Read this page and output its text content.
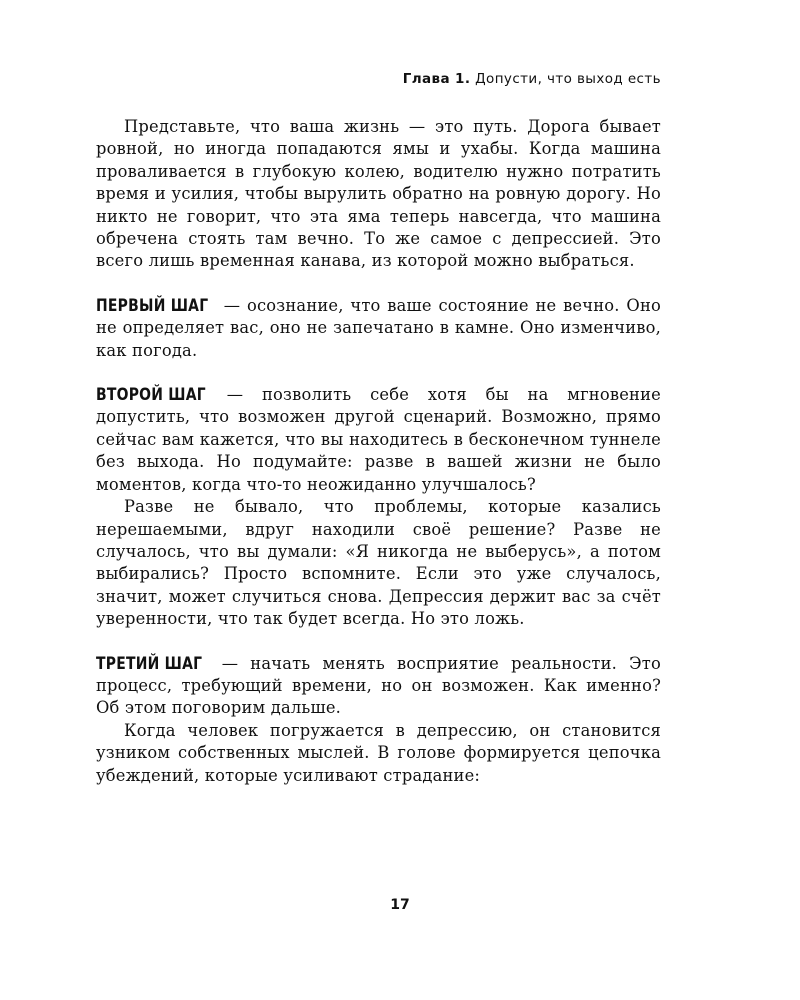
Глава 1. Допусти, что выход есть

Представьте, что ваша жизнь — это путь. Дорога бывает ровной, но иногда попадаются ямы и ухабы. Когда машина проваливается в глубокую колею, водителю нужно потратить время и усилия, чтобы вырулить обратно на ровную дорогу. Но никто не говорит, что эта яма теперь навсегда, что машина обречена стоять там вечно. То же самое с депрессией. Это всего лишь временная канава, из которой можно выбраться.

ПЕРВЫЙ ШАГ — осознание, что ваше состояние не вечно. Оно не определяет вас, оно не запечатано в камне. Оно изменчиво, как погода.

ВТОРОЙ ШАГ — позволить себе хотя бы на мгновение допустить, что возможен другой сценарий. Возможно, прямо сейчас вам кажется, что вы находитесь в бесконечном туннеле без выхода. Но подумайте: разве в вашей жизни не было моментов, когда что-то неожиданно улучшалось?

Разве не бывало, что проблемы, которые казались нерешаемыми, вдруг находили своё решение? Разве не случалось, что вы думали: «Я никогда не выберусь», а потом выбирались? Просто вспомните. Если это уже случалось, значит, может случиться снова. Депрессия держит вас за счёт уверенности, что так будет всегда. Но это ложь.

ТРЕТИЙ ШАГ — начать менять восприятие реальности. Это процесс, требующий времени, но он возможен. Как именно? Об этом поговорим дальше.

Когда человек погружается в депрессию, он становится узником собственных мыслей. В голове формируется цепочка убеждений, которые усиливают страдание:

17
